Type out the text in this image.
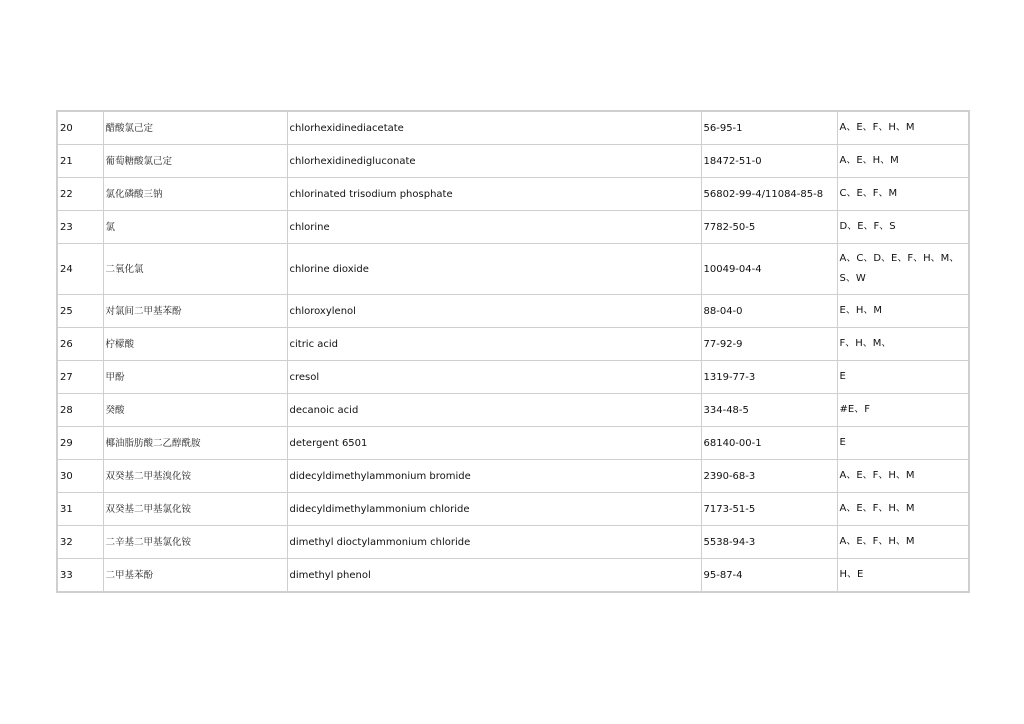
20	醋酸氯己定	chlorhexidinediacetate	56-95-1	A、E、F、H、M
21	葡萄糖酸氯己定	chlorhexidinedigluconate	18472-51-0	A、E、H、M
22	氯化磷酸三钠	chlorinated trisodium phosphate	56802-99-4/11084-85-8	C、E、F、M
23	氯	chlorine	7782-50-5	D、E、F、S
24	二氧化氯	chlorine dioxide	10049-04-4	A、C、D、E、F、H、M、S、W
25	对氯间二甲基苯酚	chloroxylenol	88-04-0	E、H、M
26	柠檬酸	citric acid	77-92-9	F、H、M、
27	甲酚	cresol	1319-77-3	E
28	癸酸	decanoic acid	334-48-5	#E、F
29	椰油脂肪酸二乙醇酰胺	detergent 6501	68140-00-1	E
30	双癸基二甲基溴化铵	didecyldimethylammonium bromide	2390-68-3	A、E、F、H、M
31	双癸基二甲基氯化铵	didecyldimethylammonium chloride	7173-51-5	A、E、F、H、M
32	二辛基二甲基氯化铵	dimethyl dioctylammonium chloride	5538-94-3	A、E、F、H、M
33	二甲基苯酚	dimethyl phenol	95-87-4	H、E
